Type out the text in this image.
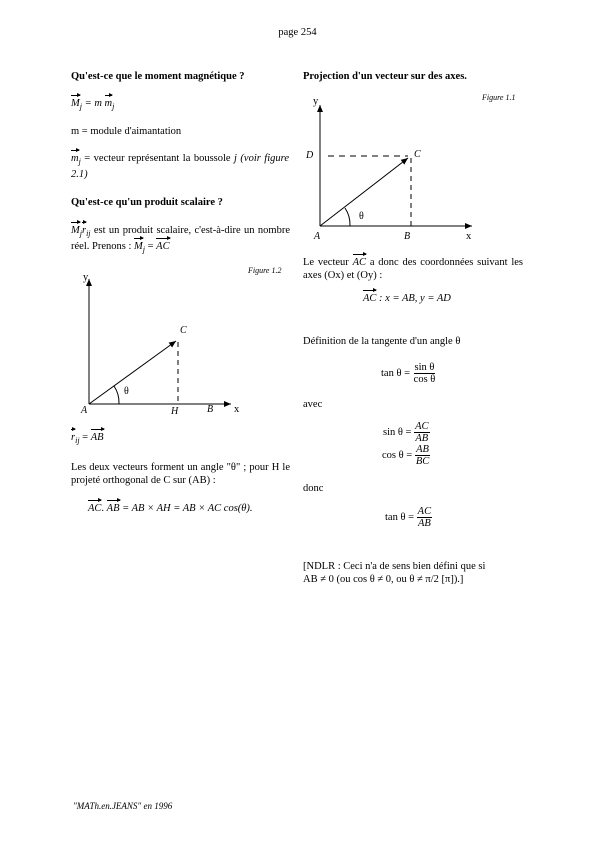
page 254
Qu'est-ce que le moment magnétique ?
$M_j = m$ $m_j$
m = module d'aimantation
$m_j$ = vecteur représentant la boussole j (voir figure 2.1)
Qu'est-ce qu'un produit scalaire ?
$M_jr_{ij}$ est un produit scalaire, c'est-à-dire un nombre réel. Prenons : $M_j$ = AC
Figure 1.2
y
x
A	H	B
C
θ
$r_{ij}$ = AB
Les deux vecteurs forment un angle "θ" ; pour H le projeté orthogonal de C sur (AB) :
AC. AB = AB × AH = AB × AC cos(θ).
Projection d'un vecteur sur des axes.
Figure 1.1
y
x
A	B
C
D
θ
Le vecteur AC a donc des coordonnées suivant les axes (Ox) et (Oy) :
AC : x = AB, y = AD
Définition de la tangente d'un angle θ
$\tan \theta = \frac{\text{sin θ}}{\text{cos θ}}$
avec
$\sin \theta = \frac{AC}{AB}$
$\cos \theta = \frac{AB}{BC}$
donc
$\tan \theta = \frac{AC}{AB}$
[NDLR : Ceci n'a de sens bien défini que si
AB ≠ 0 (ou cos θ ≠ 0, ou θ ≠ π/2 [π]).]
"MATh.en.JEANS" en 1996
